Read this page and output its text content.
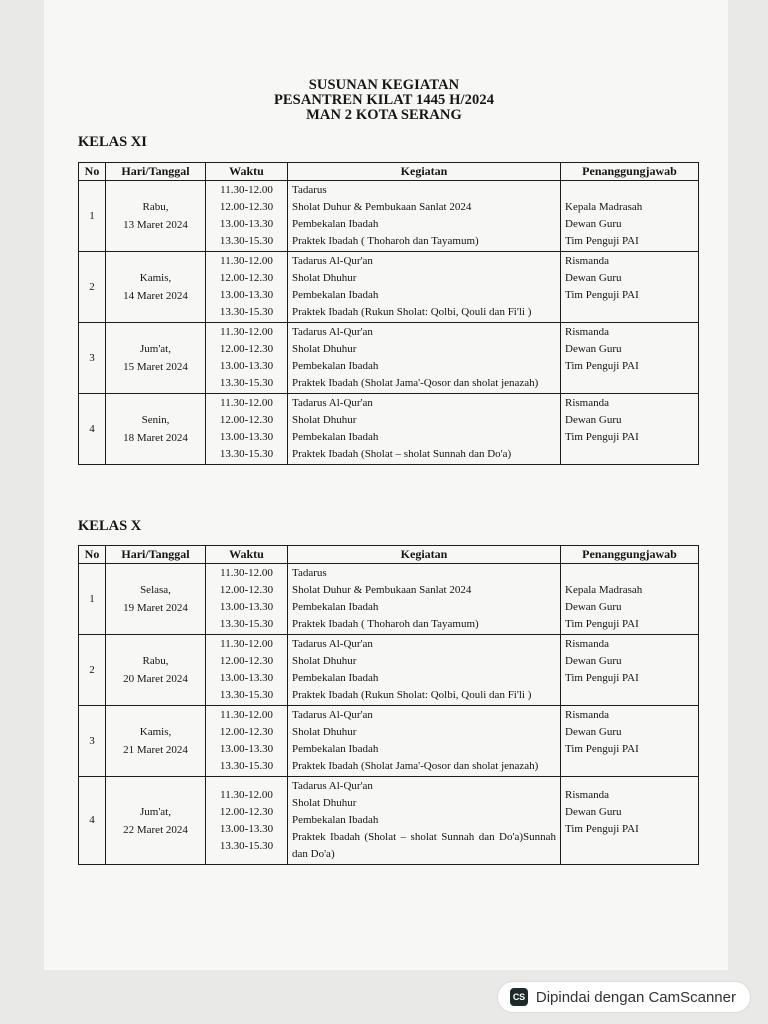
SUSUNAN KEGIATAN
PESANTREN KILAT 1445 H/2024
MAN 2 KOTA SERANG
KELAS XI
No	Hari/Tanggal	Waktu	Kegiatan	Penanggungjawab
1	Rabu,
13 Maret 2024	11.30-12.00
12.00-12.30
13.00-13.30
13.30-15.30	Tadarus
Sholat Duhur & Pembukaan Sanlat 2024
Pembekalan Ibadah
Praktek Ibadah ( Thoharoh dan Tayamum)	Kepala Madrasah
Dewan Guru
Tim Penguji PAI

2	Kamis,
14 Maret 2024	11.30-12.00
12.00-12.30
13.00-13.30
13.30-15.30	Tadarus Al-Qur'an
Sholat Dhuhur
Pembekalan Ibadah
Praktek Ibadah (Rukun Sholat: Qolbi, Qouli dan Fi'li )	Rismanda
Dewan Guru
Tim Penguji PAI

3	Jum'at,
15 Maret 2024	11.30-12.00
12.00-12.30
13.00-13.30
13.30-15.30	Tadarus Al-Qur'an
Sholat Dhuhur
Pembekalan Ibadah
Praktek Ibadah (Sholat Jama'-Qosor dan sholat jenazah)	Rismanda
Dewan Guru
Tim Penguji PAI

4	Senin,
18 Maret 2024	11.30-12.00
12.00-12.30
13.00-13.30
13.30-15.30	Tadarus Al-Qur'an
Sholat Dhuhur
Pembekalan Ibadah
Praktek Ibadah (Sholat – sholat Sunnah dan Do'a)	Rismanda
Dewan Guru
Tim Penguji PAI

KELAS X
No	Hari/Tanggal	Waktu	Kegiatan	Penanggungjawab
1	Selasa,
19 Maret 2024	11.30-12.00
12.00-12.30
13.00-13.30
13.30-15.30	Tadarus
Sholat Duhur & Pembukaan Sanlat 2024
Pembekalan Ibadah
Praktek Ibadah ( Thoharoh dan Tayamum)	Kepala Madrasah
Dewan Guru
Tim Penguji PAI

2	Rabu,
20 Maret 2024	11.30-12.00
12.00-12.30
13.00-13.30
13.30-15.30	Tadarus Al-Qur'an
Sholat Dhuhur
Pembekalan Ibadah
Praktek Ibadah (Rukun Sholat: Qolbi, Qouli dan Fi'li )	Rismanda
Dewan Guru
Tim Penguji PAI

3	Kamis,
21 Maret 2024	11.30-12.00
12.00-12.30
13.00-13.30
13.30-15.30	Tadarus Al-Qur'an
Sholat Dhuhur
Pembekalan Ibadah
Praktek Ibadah (Sholat Jama'-Qosor dan sholat jenazah)	Rismanda
Dewan Guru
Tim Penguji PAI

4	Jum'at,
22 Maret 2024	11.30-12.00
12.00-12.30
13.00-13.30
13.30-15.30	Tadarus Al-Qur'an
Sholat Dhuhur
Pembekalan Ibadah
Praktek Ibadah (Sholat – sholat Sunnah dan Do'a)Sunnah dan Do'a)	Rismanda
Dewan Guru
Tim Penguji PAI

CS Dipindai dengan CamScanner
